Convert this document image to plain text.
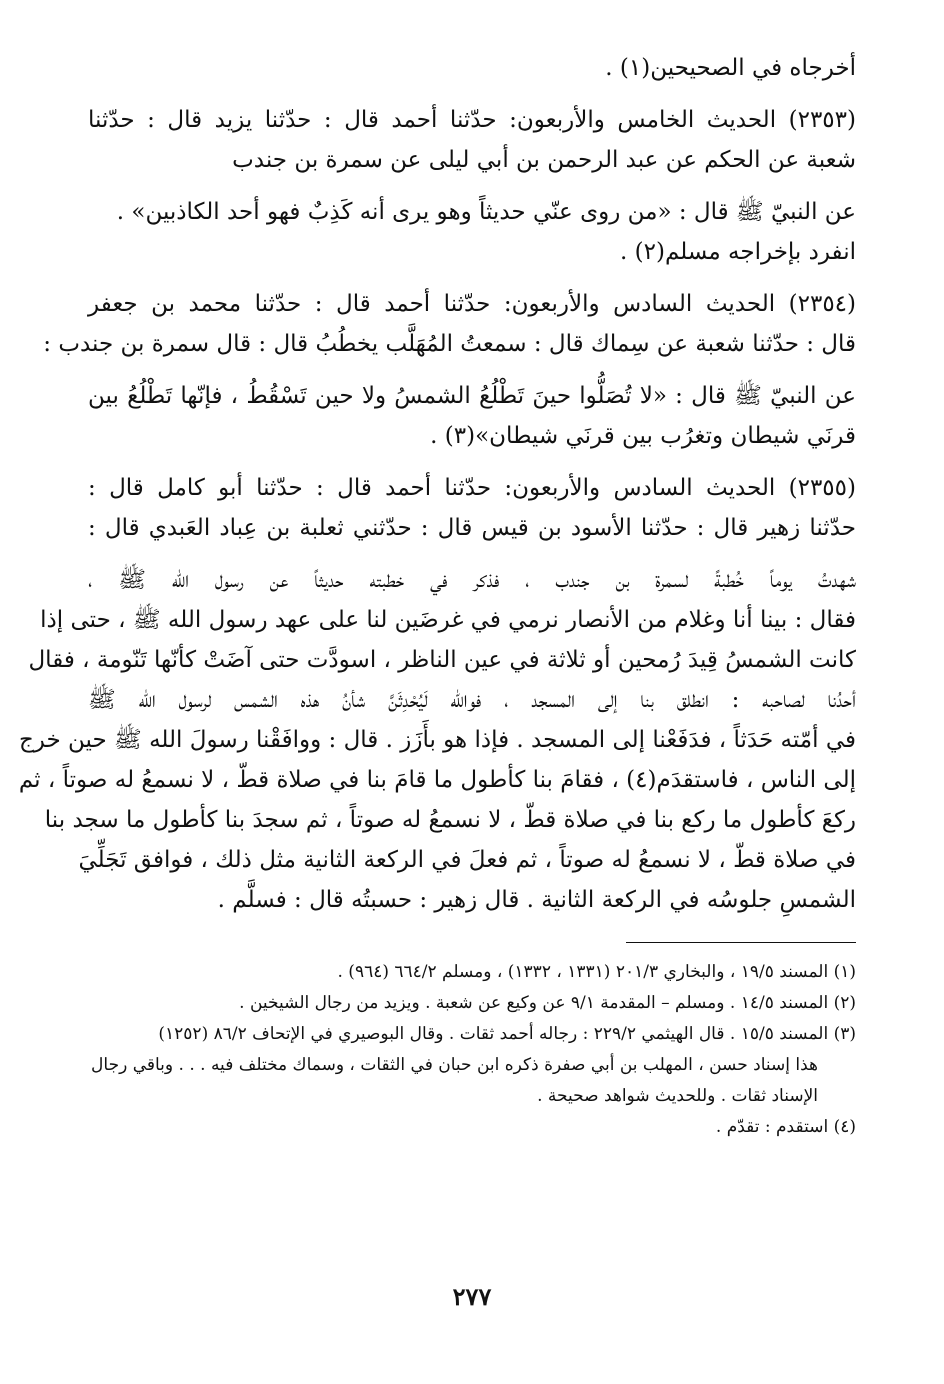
أخرجاه في الصحيحين(١) .
(٢٣٥٣) الحديث الخامس والأربعون: حدّثنا أحمد قال : حدّثنا يزيد قال : حدّثنا
شعبة عن الحكم عن عبد الرحمن بن أبي ليلى عن سمرة بن جندب
عن النبيّ ﷺ قال : «من روى عنّي حديثاً وهو يرى أنه كَذِبٌ فهو أحد الكاذبين» .
انفرد بإخراجه مسلم(٢) .
(٢٣٥٤) الحديث السادس والأربعون: حدّثنا أحمد قال : حدّثنا محمد بن جعفر
قال : حدّثنا شعبة عن سِماك قال : سمعتُ المُهَلَّب يخطُبُ قال : قال سمرة بن جندب :
عن النبيّ ﷺ قال : «لا تُصَلُّوا حينَ تَطْلُعُ الشمسُ ولا حين تَسْقُطُ ، فإنّها تَطْلُعُ بين
قرنَي شيطان وتغرُب بين قرنَي شيطان»(٣) .
(٢٣٥٥) الحديث السادس والأربعون: حدّثنا أحمد قال : حدّثنا أبو كامل قال :
حدّثنا زهير قال : حدّثنا الأسود بن قيس قال : حدّثني ثعلبة بن عِباد العَبدي قال :
شهدتُ يوماً خُطبةً لسمرة بن جندب ، فذكر في خطبته حديثاً عن رسول الله ﷺ ،
فقال : بينا أنا وغلام من الأنصار نرمي في غرضَين لنا على عهد رسول الله ﷺ ، حتى إذا
كانت الشمسُ قِيدَ رُمحين أو ثلاثة في عين الناظر ، اسودَّت حتى آضَتْ كأنّها تَنّومة ، فقال
أحدُنا لصاحبه : انطلق بنا إلى المسجد ، فوالله لَيُحْدِثَنَّ شأنُ هذه الشمس لرسول الله ﷺ
في أمّته حَدَثاً ، فدَفَعْنا إلى المسجد . فإذا هو بأَزَز . قال : ووافَقْنا رسولَ الله ﷺ حين خرج
إلى الناس ، فاستقدَم(٤) ، فقامَ بنا كأطول ما قامَ بنا في صلاة قطّ ، لا نسمعُ له صوتاً ، ثم
ركعَ كأطول ما ركع بنا في صلاة قطّ ، لا نسمعُ له صوتاً ، ثم سجدَ بنا كأطول ما سجد بنا
في صلاة قطّ ، لا نسمعُ له صوتاً ، ثم فعلَ في الركعة الثانية مثل ذلك ، فوافق تَجَلِّيَ
الشمسِ جلوسُه في الركعة الثانية . قال زهير : حسبتُه قال : فسلَّم .
(١) المسند ١٩/٥ ، والبخاري ٢٠١/٣ (١٣٣١ ، ١٣٣٢) ، ومسلم ٦٦٤/٢ (٩٦٤) .
(٢) المسند ١٤/٥ . ومسلم – المقدمة ٩/١ عن وكيع عن شعبة . ويزيد من رجال الشيخين .
(٣) المسند ١٥/٥ . قال الهيثمي ٢٢٩/٢ : رجاله أحمد ثقات . وقال البوصيري في الإتحاف ٨٦/٢ (١٢٥٢)
هذا إسناد حسن ، المهلب بن أبي صفرة ذكره ابن حبان في الثقات ، وسماك مختلف فيه . . . وباقي رجال
الإسناد ثقات . وللحديث شواهد صحيحة .
(٤) استقدم : تقدّم .
٢٧٧
